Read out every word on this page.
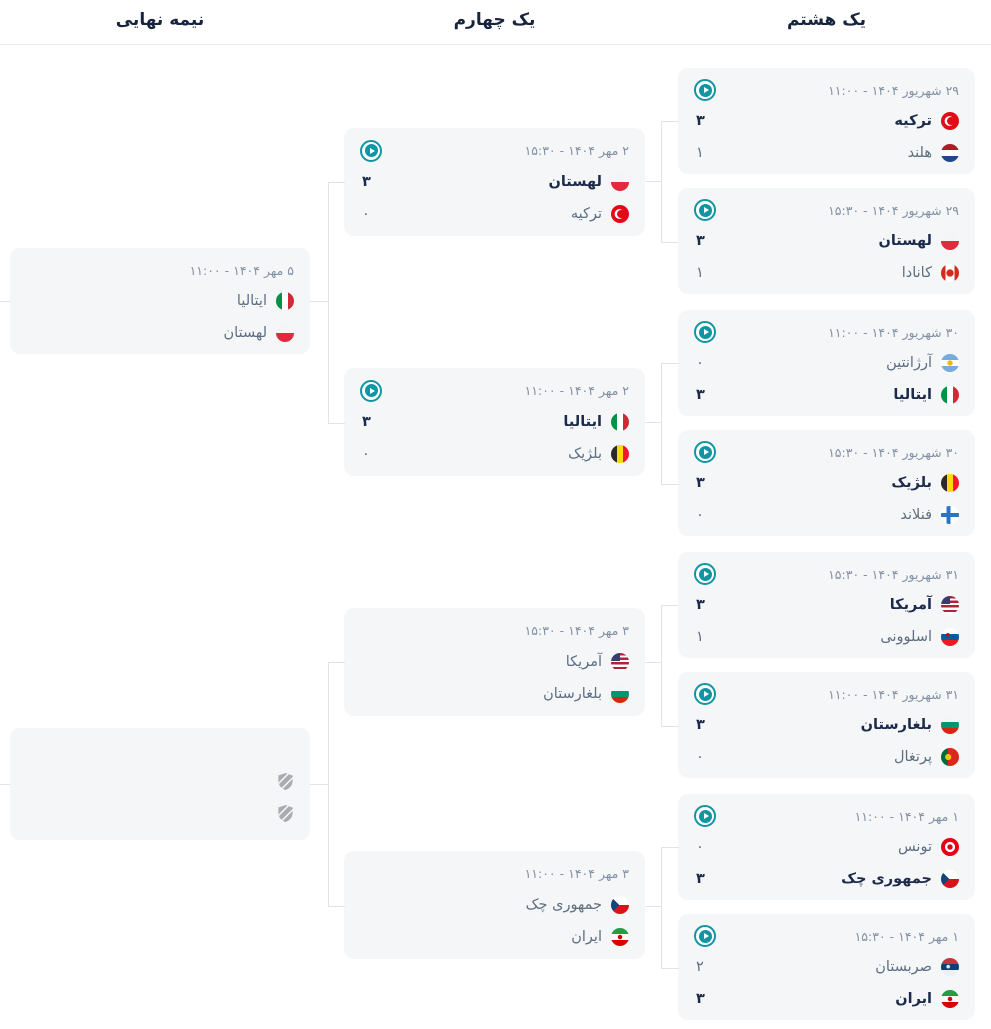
یک هشتم
یک چهارم
نیمه نهایی
۲۹ شهریور ۱۴۰۴ - ۱۱:۰۰
ترکیه
۳
هلند
۱
۲۹ شهریور ۱۴۰۴ - ۱۵:۳۰
لهستان
۳
کانادا
۱
۳۰ شهریور ۱۴۰۴ - ۱۱:۰۰
آرژانتین
۰
ایتالیا
۳
۳۰ شهریور ۱۴۰۴ - ۱۵:۳۰
بلژیک
۳
فنلاند
۰
۳۱ شهریور ۱۴۰۴ - ۱۵:۳۰
آمریکا
۳
اسلوونی
۱
۳۱ شهریور ۱۴۰۴ - ۱۱:۰۰
بلغارستان
۳
پرتغال
۰
۱ مهر ۱۴۰۴ - ۱۱:۰۰
تونس
۰
جمهوری چک
۳
۱ مهر ۱۴۰۴ - ۱۵:۳۰
صربستان
۲
ایران
۳
۲ مهر ۱۴۰۴ - ۱۵:۳۰
لهستان
۳
ترکیه
۰
۲ مهر ۱۴۰۴ - ۱۱:۰۰
ایتالیا
۳
بلژیک
۰
۳ مهر ۱۴۰۴ - ۱۵:۳۰
آمریکا
بلغارستان
۳ مهر ۱۴۰۴ - ۱۱:۰۰
جمهوری چک
ایران
۵ مهر ۱۴۰۴ - ۱۱:۰۰
ایتالیا
لهستان
